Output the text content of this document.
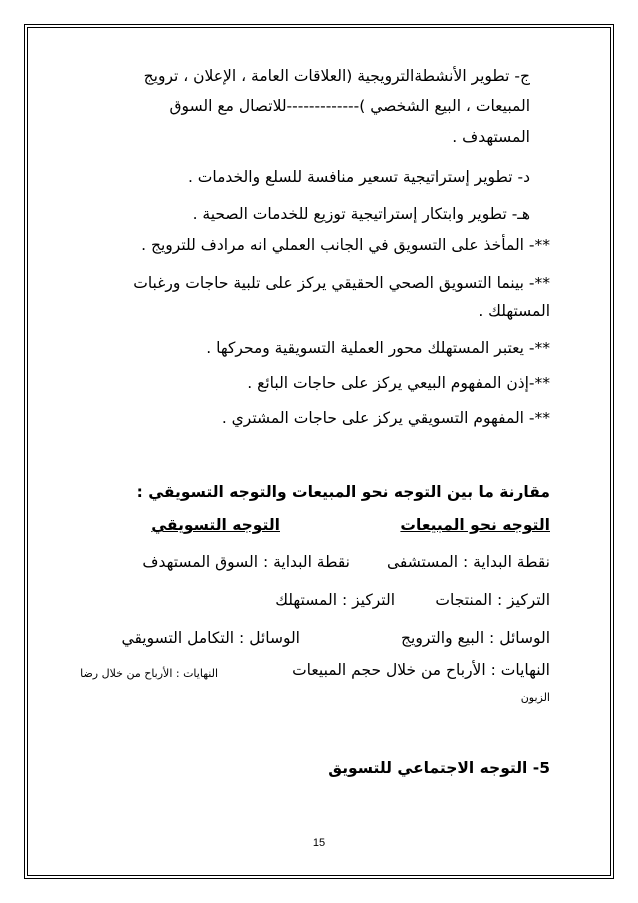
ج- تطوير الأنشطةالترويجية (العلاقات العامة ، الإعلان ، ترويج
المبيعات ، البيع الشخصي )-------------للاتصال مع السوق
المستهدف .
د- تطوير إستراتيجية تسعير منافسة للسلع والخدمات .
هـ- تطوير وابتكار إستراتيجية توزيع للخدمات الصحية .
**- المأخذ على التسويق في الجانب العملي انه مرادف للترويج .
**- بينما التسويق الصحي الحقيقي يركز على تلبية حاجات ورغبات
المستهلك .
**- يعتبر المستهلك محور العملية التسويقية ومحركها .
**-إذن المفهوم البيعي يركز على حاجات البائع .
**- المفهوم التسويقي يركز على حاجات المشتري .
مقارنة ما بين التوجه نحو المبيعات والتوجه التسويقي :
التوجه نحو المبيعات
التوجه التسويقي
نقطة البداية : المستشفى
نقطة البداية : السوق المستهدف
التركيز : المنتجات
التركيز : المستهلك
الوسائل : البيع والترويج
الوسائل : التكامل التسويقي
النهايات : الأرباح من خلال حجم المبيعات
النهايات : الأرباح من خلال رضا
الزبون
5- التوجه الاجتماعي للتسويق
15
